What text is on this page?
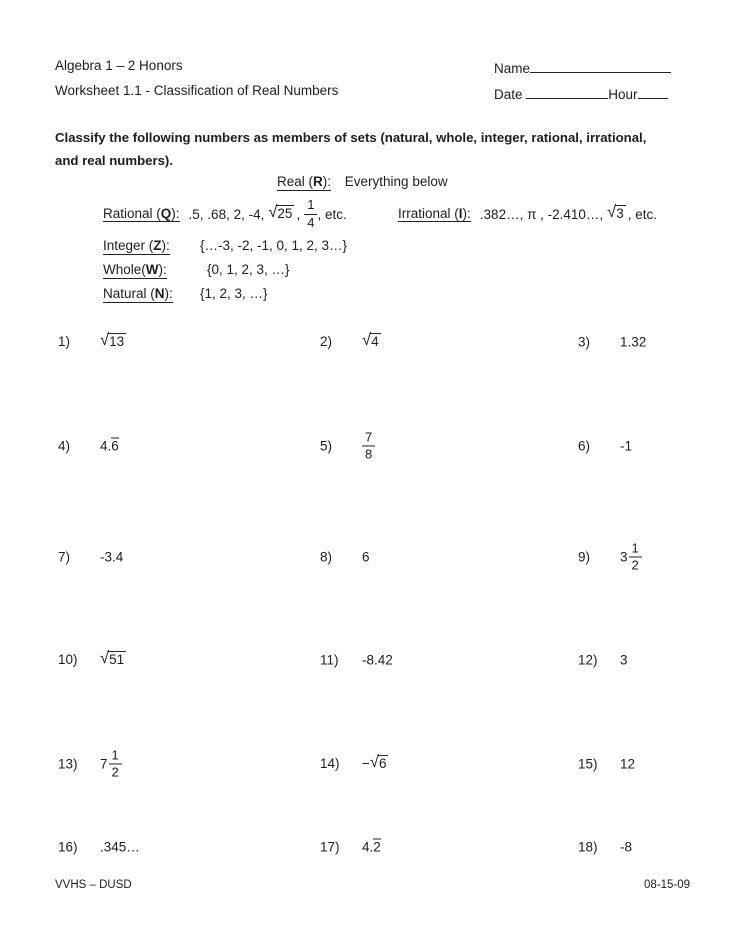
Algebra 1 – 2 Honors
Worksheet 1.1 - Classification of Real Numbers
Name
Date	Hour
Classify the following numbers as members of sets (natural, whole, integer, rational, irrational,
and real numbers).
Real (R): Everything below
Rational (Q): .5, .68, 2, -4, √ 25 , $\frac{1}{4}$ , etc.	Irrational (I): .382…, π , -2.410…, √ 3 , etc.
Integer (Z):	{…-3, -2, -1, 0, 1, 2, 3…}
Whole(W):	{0, 1, 2, 3, …}
Natural (N):	{1, 2, 3, …}
1)	√ 13	2)	√ 4	3)	1.32
4)	4.6	5)	$\frac{7}{8}$	6)	-1
7)	-3.4	8)	6	9)	$3 \frac{1}{2}$
10)	√ 51	11)	-8.42	12)	3
13)	$7 \frac{1}{2}$	14)	− √ 6	15)	12
16)	.345…	17)	4.2	18)	-8
VVHS – DUSD	08-15-09
